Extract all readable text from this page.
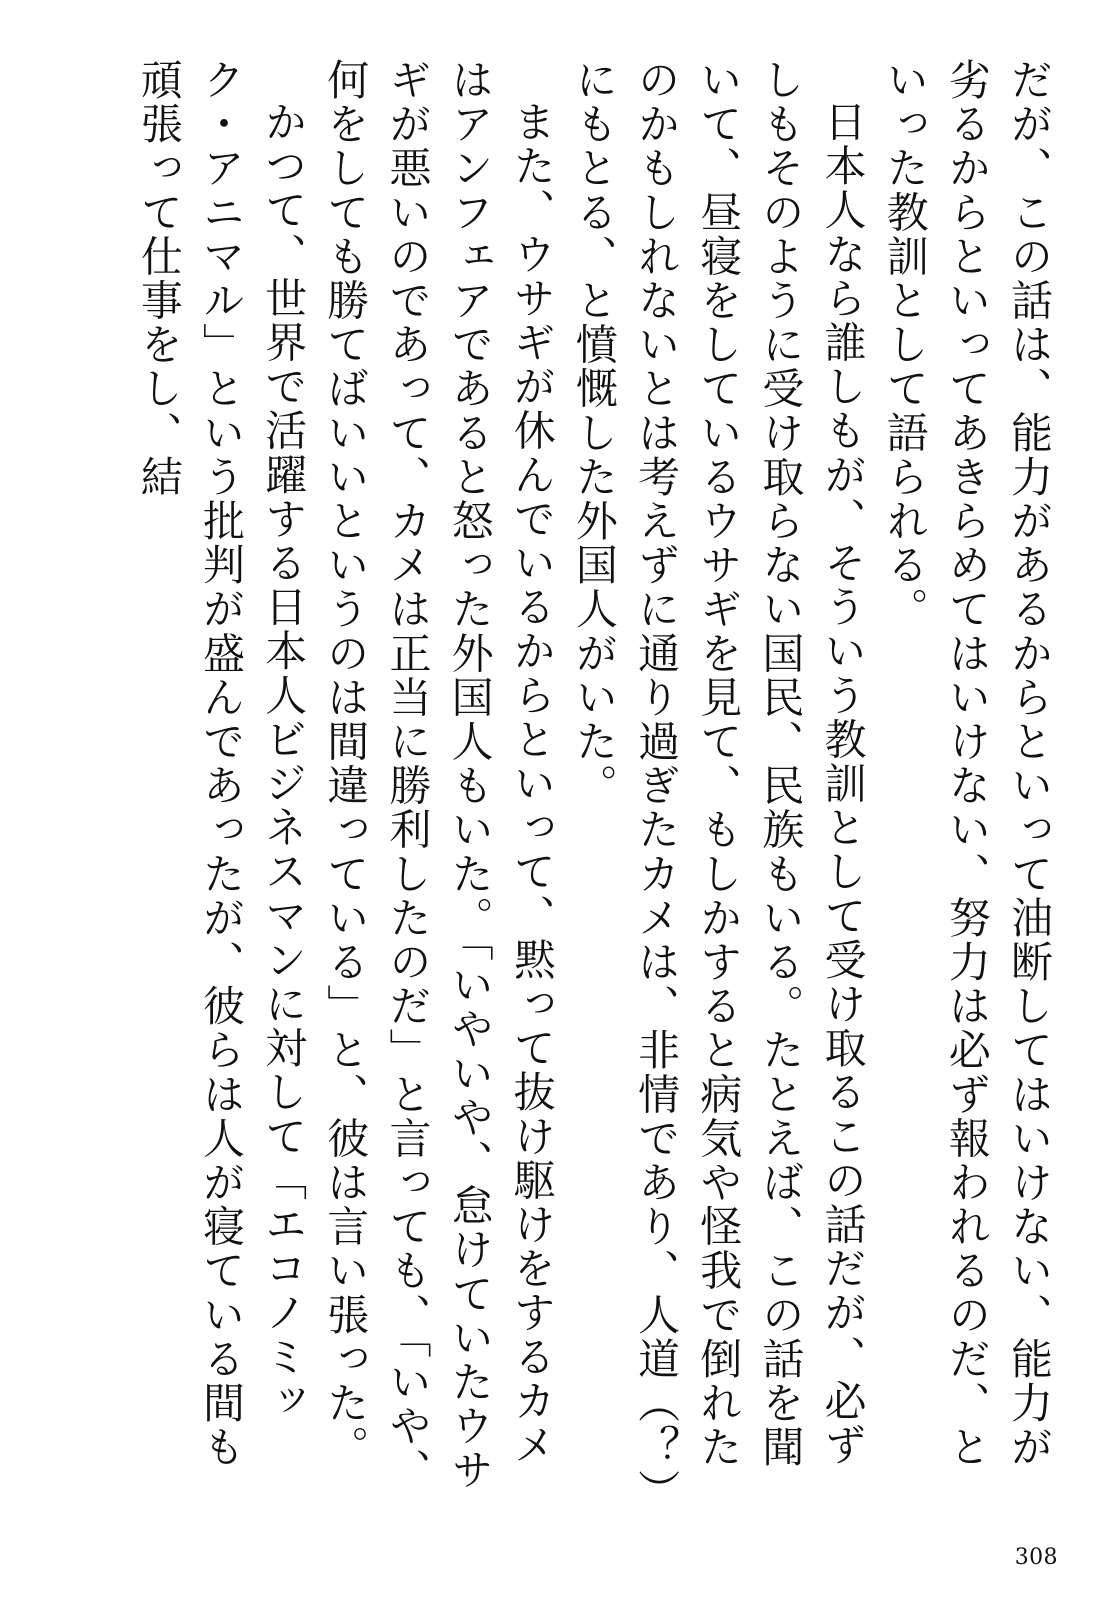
だが、この話は、能力があるからといって油断してはいけない、能力が劣るからといってあきらめてはいけない、努力は必ず報われるのだ、といった教訓として語られる。

日本人なら誰しもが、そういう教訓として受け取るこの話だが、必ずしもそのように受け取らない国民、民族もいる。たとえば、この話を聞いて、昼寝をしているウサギを見て、もしかすると病気や怪我で倒れたのかもしれないとは考えずに通り過ぎたカメは、非情であり、人道（？）にもとる、と憤慨した外国人がいた。

また、ウサギが休んでいるからといって、黙って抜け駆けをするカメはアンフェアであると怒った外国人もいた。「いやいや、怠けていたウサギが悪いのであって、カメは正当に勝利したのだ」と言っても、「いや、何をしても勝てばいいというのは間違っている」と、彼は言い張った。

かつて、世界で活躍する日本人ビジネスマンに対して「エコノミック・アニマル」という批判が盛んであったが、彼らは人が寝ている間も頑張って仕事をし、結

308
